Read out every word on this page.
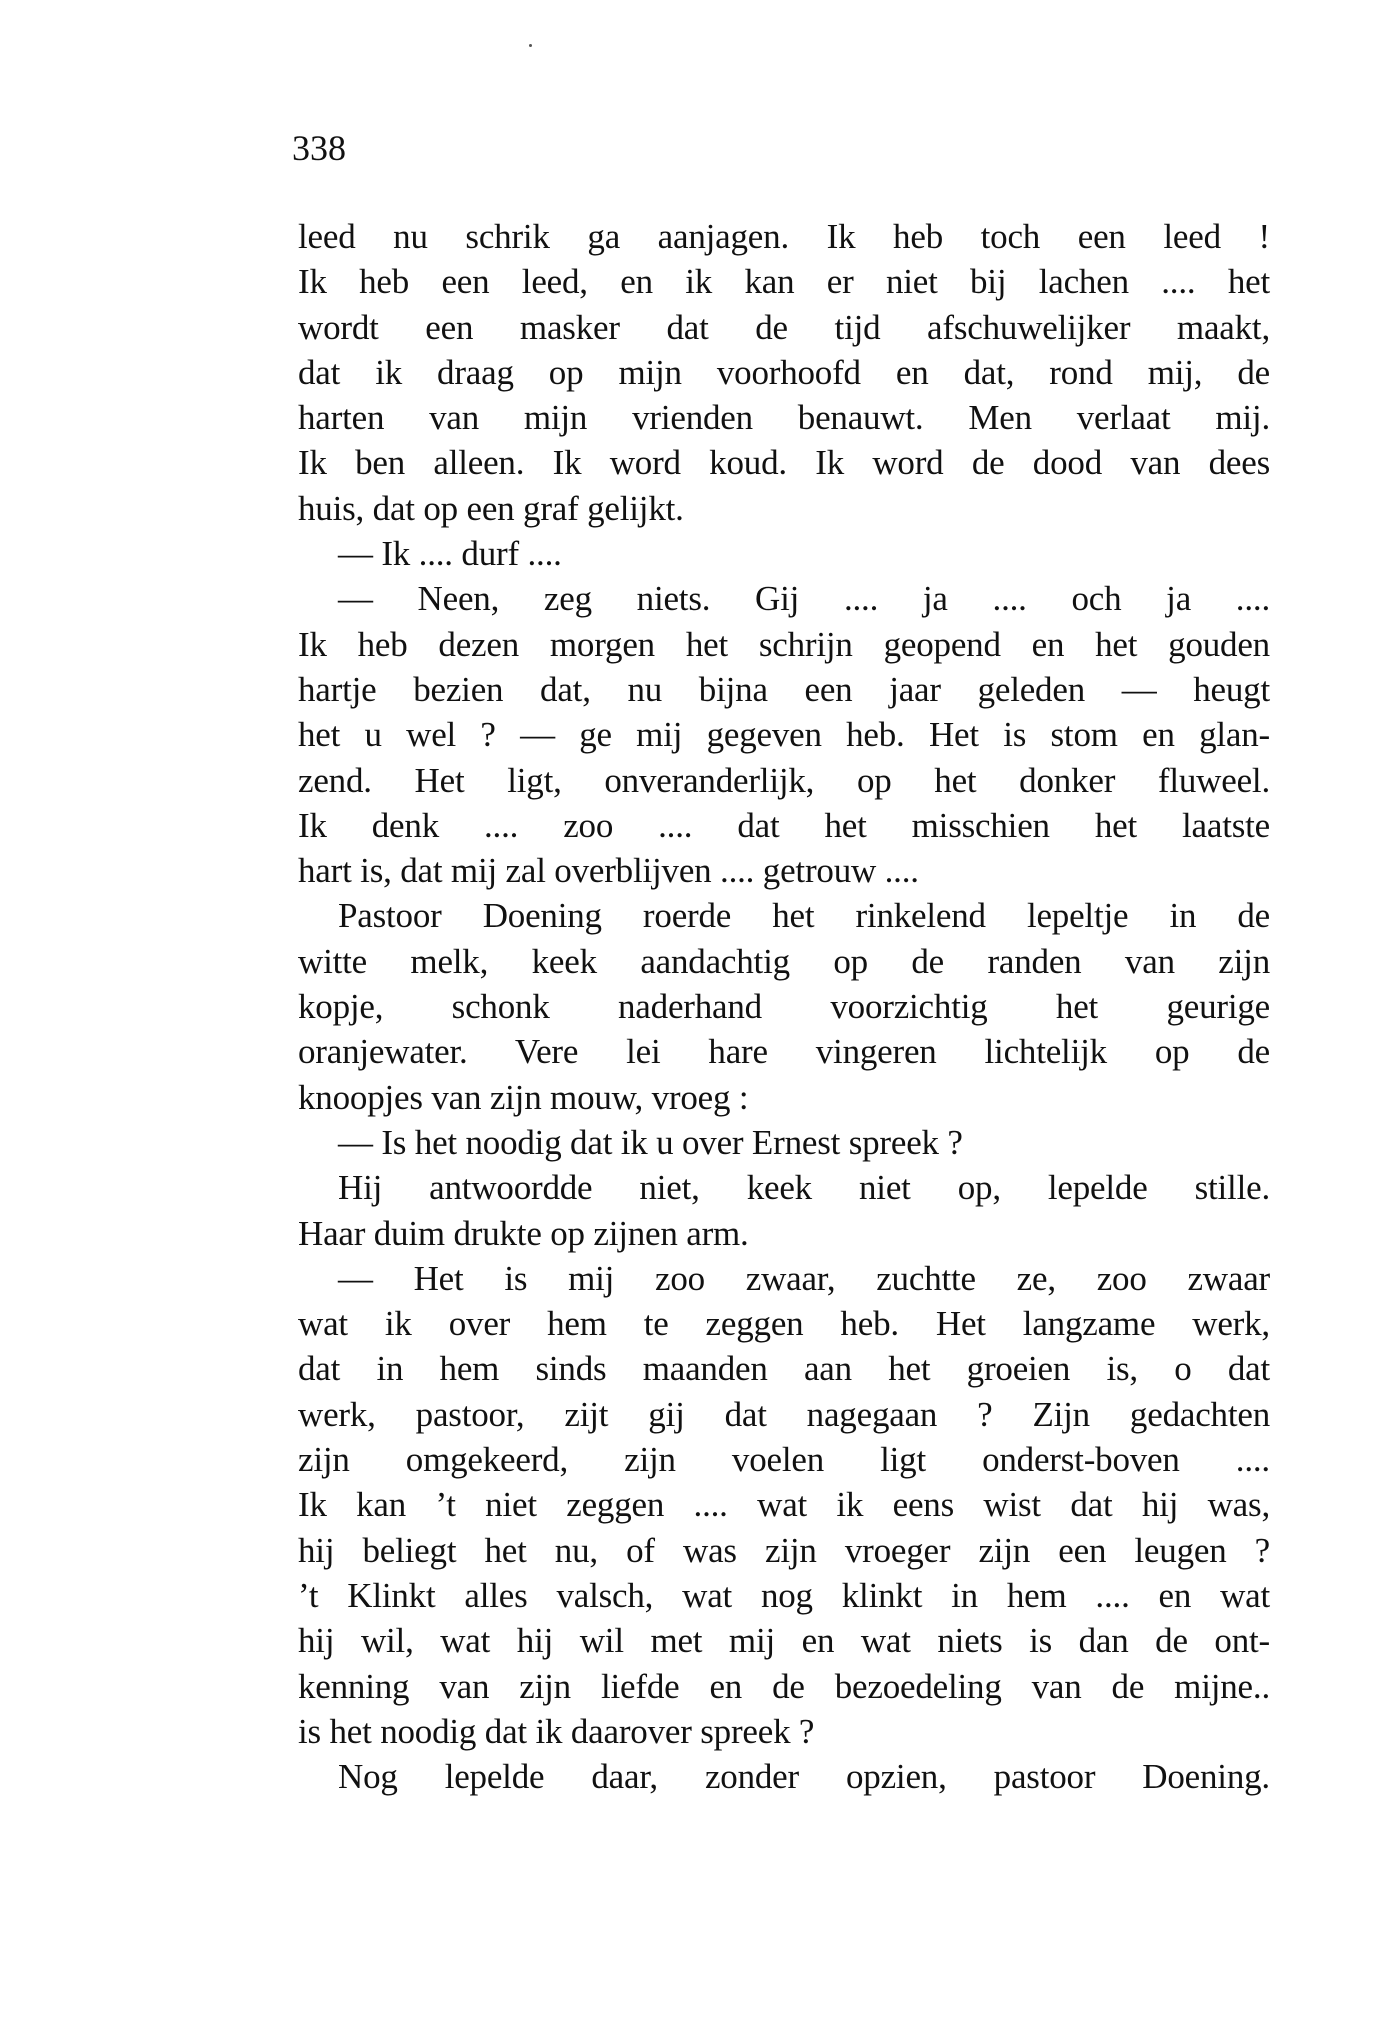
338
leed nu schrik ga aanjagen. Ik heb toch een leed !
Ik heb een leed, en ik kan er niet bij lachen .... het
wordt een masker dat de tijd afschuwelijker maakt,
dat ik draag op mijn voorhoofd en dat, rond mij, de
harten van mijn vrienden benauwt. Men verlaat mij.
Ik ben alleen. Ik word koud. Ik word de dood van dees
huis, dat op een graf gelijkt.
— Ik .... durf ....
— Neen, zeg niets. Gij .... ja .... och ja ....
Ik heb dezen morgen het schrijn geopend en het gouden
hartje bezien dat, nu bijna een jaar geleden — heugt
het u wel ? — ge mij gegeven heb. Het is stom en glan-
zend. Het ligt, onveranderlijk, op het donker fluweel.
Ik denk .... zoo .... dat het misschien het laatste
hart is, dat mij zal overblijven .... getrouw ....
Pastoor Doening roerde het rinkelend lepeltje in de
witte melk, keek aandachtig op de randen van zijn
kopje, schonk naderhand voorzichtig het geurige
oranjewater. Vere lei hare vingeren lichtelijk op de
knoopjes van zijn mouw, vroeg :
— Is het noodig dat ik u over Ernest spreek ?
Hij antwoordde niet, keek niet op, lepelde stille.
Haar duim drukte op zijnen arm.
— Het is mij zoo zwaar, zuchtte ze, zoo zwaar
wat ik over hem te zeggen heb. Het langzame werk,
dat in hem sinds maanden aan het groeien is, o dat
werk, pastoor, zijt gij dat nagegaan ? Zijn gedachten
zijn omgekeerd, zijn voelen ligt onderst-boven ....
Ik kan ’t niet zeggen .... wat ik eens wist dat hij was,
hij beliegt het nu, of was zijn vroeger zijn een leugen ?
’t Klinkt alles valsch, wat nog klinkt in hem .... en wat
hij wil, wat hij wil met mij en wat niets is dan de ont-
kenning van zijn liefde en de bezoedeling van de mijne..
is het noodig dat ik daarover spreek ?
Nog lepelde daar, zonder opzien, pastoor Doening.
